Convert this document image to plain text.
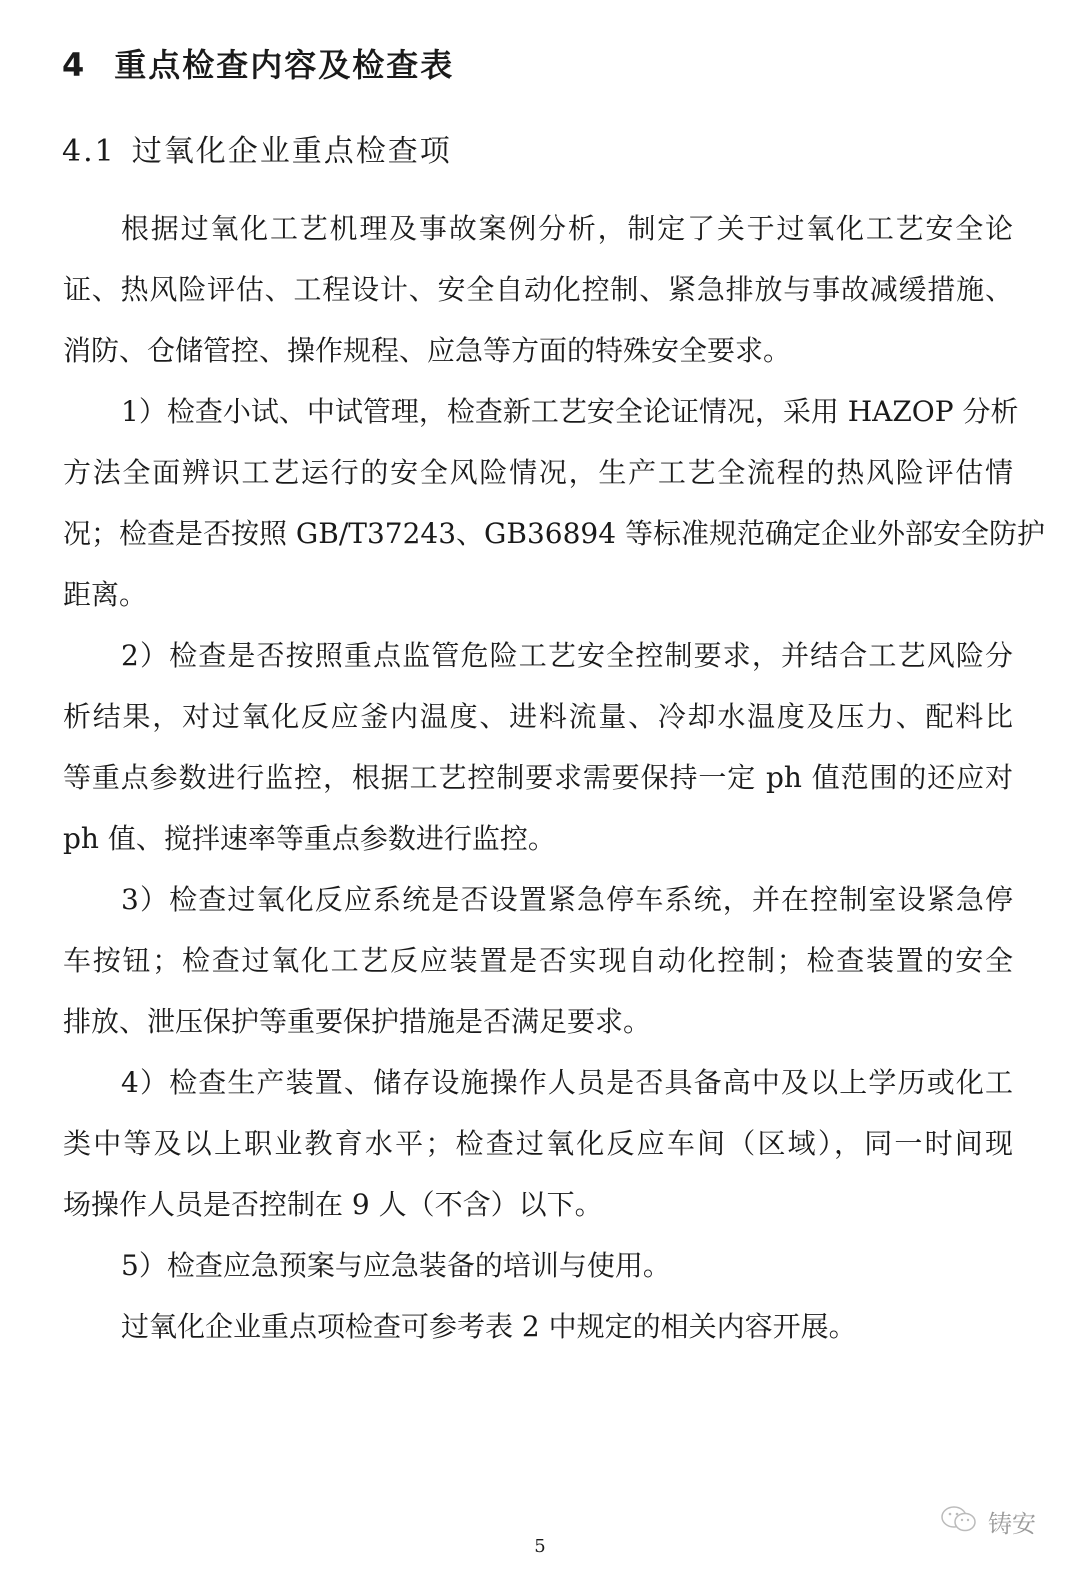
4 重点检查内容及检查表
4.1 过氧化企业重点检查项
根据过氧化工艺机理及事故案例分析，制定了关于过氧化工艺安全论
证、热风险评估、工程设计、安全自动化控制、紧急排放与事故减缓措施、
消防、仓储管控、操作规程、应急等方面的特殊安全要求。
1）检查小试、中试管理，检查新工艺安全论证情况，采用 HAZOP 分析
方法全面辨识工艺运行的安全风险情况，生产工艺全流程的热风险评估情
况；检查是否按照 GB/T37243、GB36894 等标准规范确定企业外部安全防护
距离。
2）检查是否按照重点监管危险工艺安全控制要求，并结合工艺风险分
析结果，对过氧化反应釜内温度、进料流量、冷却水温度及压力、配料比
等重点参数进行监控，根据工艺控制要求需要保持一定 ph 值范围的还应对
ph 值、搅拌速率等重点参数进行监控。
3）检查过氧化反应系统是否设置紧急停车系统，并在控制室设紧急停
车按钮；检查过氧化工艺反应装置是否实现自动化控制；检查装置的安全
排放、泄压保护等重要保护措施是否满足要求。
4）检查生产装置、储存设施操作人员是否具备高中及以上学历或化工
类中等及以上职业教育水平；检查过氧化反应车间（区域），同一时间现
场操作人员是否控制在 9 人（不含）以下。
5）检查应急预案与应急装备的培训与使用。
过氧化企业重点项检查可参考表 2 中规定的相关内容开展。
5
铸安
